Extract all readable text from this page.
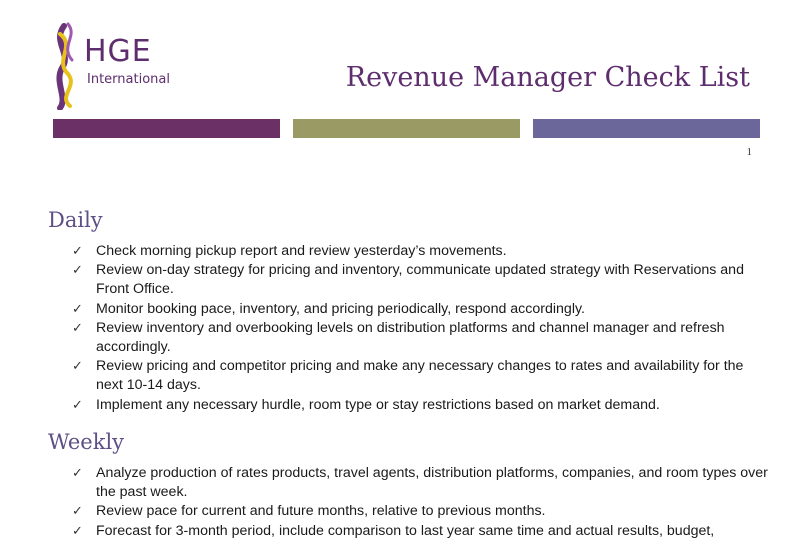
HGE
International	Revenue Manager Check List
1
Daily
✓ Check morning pickup report and review yesterday’s movements.
✓ Review on-day strategy for pricing and inventory, communicate updated strategy with Reservations and Front Office.
✓ Monitor booking pace, inventory, and pricing periodically, respond accordingly.
✓ Review inventory and overbooking levels on distribution platforms and channel manager and refresh accordingly.
✓ Review pricing and competitor pricing and make any necessary changes to rates and availability for the next 10-14 days.
✓ Implement any necessary hurdle, room type or stay restrictions based on market demand.
Weekly
✓ Analyze production of rates products, travel agents, distribution platforms, companies, and room types over the past week.
✓ Review pace for current and future months, relative to previous months.
✓ Forecast for 3-month period, include comparison to last year same time and actual results, budget,
